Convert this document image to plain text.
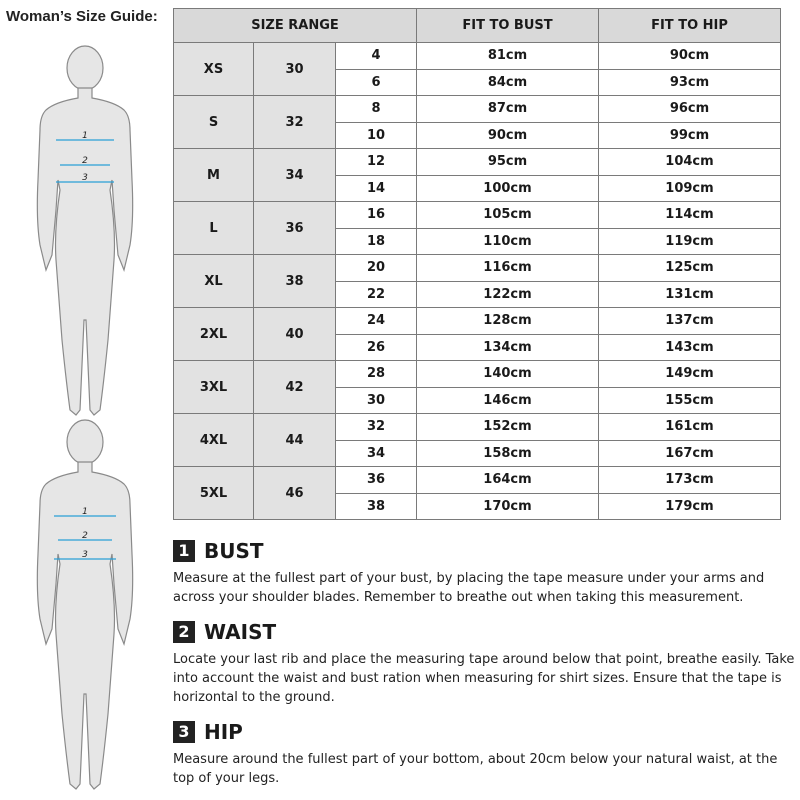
Woman’s Size Guide:
1
2
3
1
2
3
SIZE RANGE			FIT TO BUST	FIT TO HIP
XS	30	4	81cm	90cm
		6	84cm	93cm
S	32	8	87cm	96cm
		10	90cm	99cm
M	34	12	95cm	104cm
		14	100cm	109cm
L	36	16	105cm	114cm
		18	110cm	119cm
XL	38	20	116cm	125cm
		22	122cm	131cm
2XL	40	24	128cm	137cm
		26	134cm	143cm
3XL	42	28	140cm	149cm
		30	146cm	155cm
4XL	44	32	152cm	161cm
		34	158cm	167cm
5XL	46	36	164cm	173cm
		38	170cm	179cm
1 BUST

Measure at the fullest part of your bust, by placing the tape measure under your arms and across your shoulder blades. Remember to breathe out when taking this measurement.

2 WAIST

Locate your last rib and place the measuring tape around below that point, breathe easily. Take into account the waist and bust ration when measuring for shirt sizes. Ensure that the tape is horizontal to the ground.

3 HIP

Measure around the fullest part of your bottom, about 20cm below your natural waist, at the top of your legs.
